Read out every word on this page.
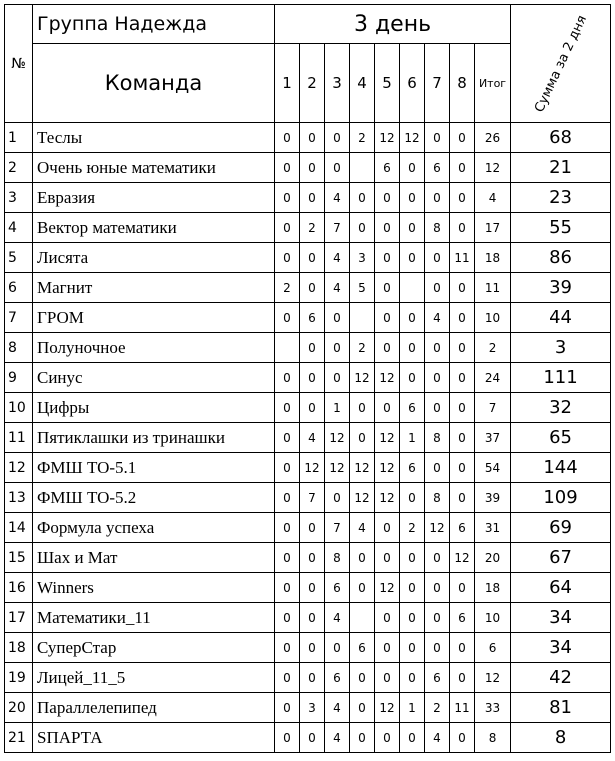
№	Группа Надежда	3 день									Сумма за 2 дня

	Команда	1	2	3	4	5	6	7	8	Итог	
1	Теслы	0	0	0	2	12	12	0	0	26	68
2	Очень юные математики	0	0	0		6	0	6	0	12	21
3	Евразия	0	0	4	0	0	0	0	0	4	23
4	Вектор математики	0	2	7	0	0	0	8	0	17	55
5	Лисята	0	0	4	3	0	0	0	11	18	86
6	Магнит	2	0	4	5	0		0	0	11	39
7	ГРОМ	0	6	0		0	0	4	0	10	44
8	Полуночное		0	0	2	0	0	0	0	2	3
9	Синус	0	0	0	12	12	0	0	0	24	111
10	Цифры	0	0	1	0	0	6	0	0	7	32
11	Пятиклашки из тринашки	0	4	12	0	12	1	8	0	37	65
12	ФМШ ТО-5.1	0	12	12	12	12	6	0	0	54	144
13	ФМШ ТО-5.2	0	7	0	12	12	0	8	0	39	109
14	Формула успеха	0	0	7	4	0	2	12	6	31	69
15	Шах и Мат	0	0	8	0	0	0	0	12	20	67
16	Winners	0	0	6	0	12	0	0	0	18	64
17	Математики_11	0	0	4		0	0	0	6	10	34
18	СуперСтар	0	0	0	6	0	0	0	0	6	34
19	Лицей_11_5	0	0	6	0	0	0	6	0	12	42
20	Параллелепипед	0	3	4	0	12	1	2	11	33	81
21	SПАРТА	0	0	4	0	0	0	4	0	8	8
